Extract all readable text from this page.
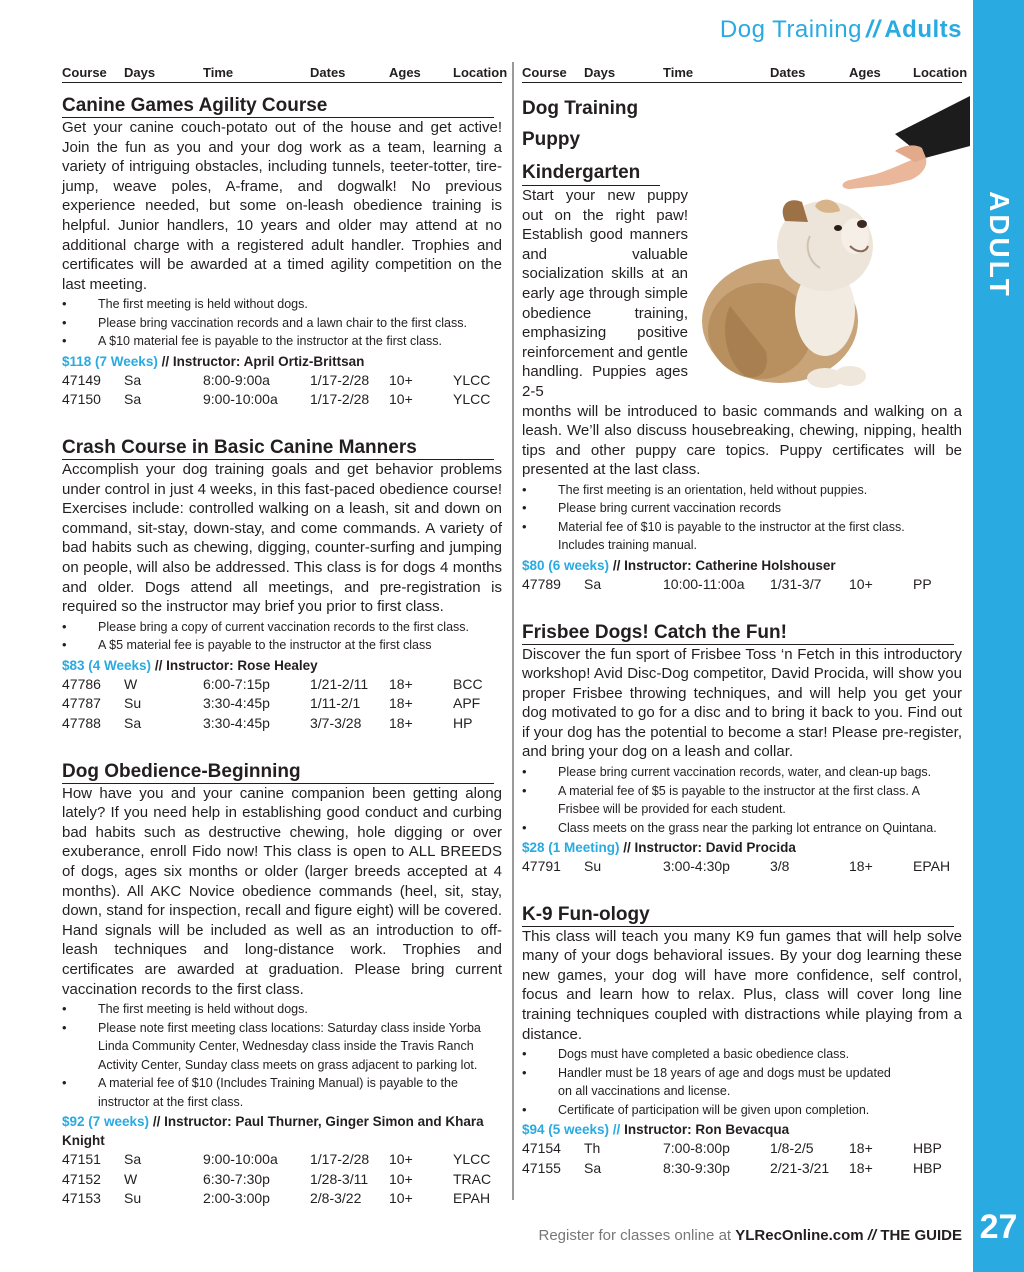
Dog Training // Adults
ADULT
27
Course Days	Time	Dates	Ages Location
Canine Games Agility Course

Get your canine couch-potato out of the house and get active! Join the fun as you and your dog work as a team, learning a variety of intriguing obstacles, including tunnels, teeter-totter, tire-jump, weave poles, A-frame, and dogwalk! No previous experience needed, but some on-leash obedience training is helpful. Junior handlers, 10 years and older may attend at no additional charge with a registered adult handler. Trophies and certificates will be awarded at a timed agility competition on the last meeting.

• The first meeting is held without dogs.
• Please bring vaccination records and a lawn chair to the first class.
• A $10 material fee is payable to the instructor at the first class.
$118 (7 Weeks) // Instructor: April Ortiz-Brittsan
47149 Sa	8:00-9:00a	1/17-2/28 10+	YLCC
47150 Sa	9:00-10:00a 1/17-2/28 10+	YLCC
Crash Course in Basic Canine Manners

Accomplish your dog training goals and get behavior problems under control in just 4 weeks, in this fast-paced obedience course! Exercises include: controlled walking on a leash, sit and down on command, sit-stay, down-stay, and come commands. A variety of bad habits such as chewing, digging, counter-surfing and jumping on people, will also be addressed. This class is for dogs 4 months and older. Dogs attend all meetings, and pre-registration is required so the instructor may brief you prior to first class.

• Please bring a copy of current vaccination records to the first class.
• A $5 material fee is payable to the instructor at the first class
$83 (4 Weeks) // Instructor: Rose Healey
47786 W	6:00-7:15p	1/21-2/11 18+	BCC
47787 Su	3:30-4:45p	1/11-2/1 18+	APF
47788 Sa	3:30-4:45p	3/7-3/28 18+	HP
Dog Obedience-Beginning

How have you and your canine companion been getting along lately? If you need help in establishing good conduct and curbing bad habits such as destructive chewing, hole digging or over exuberance, enroll Fido now! This class is open to ALL BREEDS of dogs, ages six months or older (larger breeds accepted at 4 months). All AKC Novice obedience commands (heel, sit, stay, down, stand for inspection, recall and figure eight) will be covered. Hand signals will be included as well as an introduction to off-leash techniques and long-distance work. Trophies and certificates are awarded at graduation. Please bring current vaccination records to the first class.

• The first meeting is held without dogs.
• Please note first meeting class locations: Saturday class inside Yorba Linda Community Center, Wednesday class inside the Travis Ranch Activity Center, Sunday class meets on grass adjacent to parking lot.
• A material fee of $10 (Includes Training Manual) is payable to the instructor at the first class.
$92 (7 weeks) // Instructor: Paul Thurner, Ginger Simon and Khara Knight
47151 Sa	9:00-10:00a 1/17-2/28 10+	YLCC
47152 W	6:30-7:30p	1/28-3/11 10+	TRAC
47153 Su	2:00-3:00p	2/8-3/22 10+	EPAH
Course Days	Time	Dates	Ages Location
Dog Training
Puppy
Kindergarten

Start your new puppy out on the right paw! Establish good manners and valuable socialization skills at an early age through simple obedience training, emphasizing positive reinforcement and gentle handling. Puppies ages 2-5

months will be introduced to basic commands and walking on a leash. We’ll also discuss housebreaking, chewing, nipping, health tips and other puppy care topics. Puppy certificates will be presented at the last class.

• The first meeting is an orientation, held without puppies.
• Please bring current vaccination records
• Material fee of $10 is payable to the instructor at the first class. Includes training manual.
$80 (6 weeks) // Instructor: Catherine Holshouser
47789 Sa	10:00-11:00a 1/31-3/7 10+	PP
Frisbee Dogs! Catch the Fun!

Discover the fun sport of Frisbee Toss ‘n Fetch in this introductory workshop! Avid Disc-Dog competitor, David Procida, will show you proper Frisbee throwing techniques, and will help you get your dog motivated to go for a disc and to bring it back to you. Find out if your dog has the potential to become a star! Please pre-register, and bring your dog on a leash and collar.

• Please bring current vaccination records, water, and clean-up bags.
• A material fee of $5 is payable to the instructor at the first class. A Frisbee will be provided for each student.
• Class meets on the grass near the parking lot entrance on Quintana.
$28 (1 Meeting) // Instructor: David Procida
47791 Su	3:00-4:30p	3/8	18+	EPAH
K-9 Fun-ology

This class will teach you many K9 fun games that will help solve many of your dogs behavioral issues. By your dog learning these new games, your dog will have more confidence, self control, focus and learn how to relax. Plus, class will cover long line training techniques coupled with distractions while playing from a distance.

• Dogs must have completed a basic obedience class.
• Handler must be 18 years of age and dogs must be updated on all vaccinations and license.
• Certificate of participation will be given upon completion.
$94 (5 weeks) // Instructor: Ron Bevacqua
47154 Th	7:00-8:00p	1/8-2/5	18+	HBP
47155 Sa	8:30-9:30p	2/21-3/21 18+	HBP
Register for classes online at YLRecOnline.com // THE GUIDE
